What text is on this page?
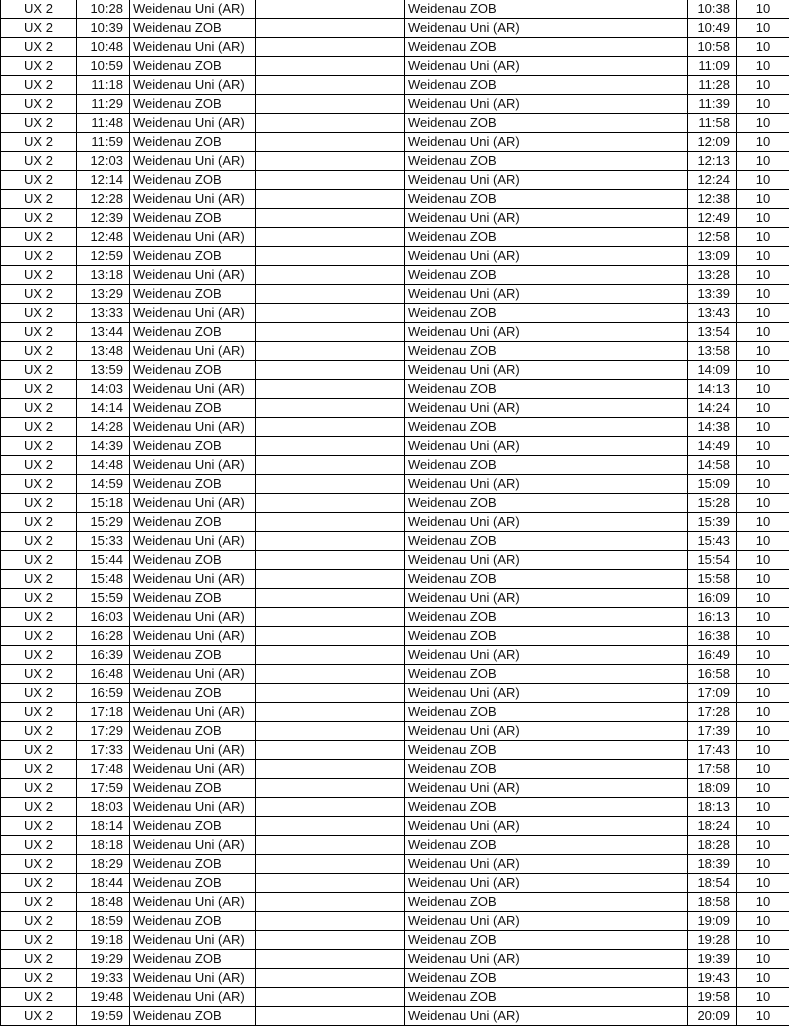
UX 2	10:28	Weidenau Uni (AR)		Weidenau ZOB	10:38	10
UX 2	10:39	Weidenau ZOB		Weidenau Uni (AR)	10:49	10
UX 2	10:48	Weidenau Uni (AR)		Weidenau ZOB	10:58	10
UX 2	10:59	Weidenau ZOB		Weidenau Uni (AR)	11:09	10
UX 2	11:18	Weidenau Uni (AR)		Weidenau ZOB	11:28	10
UX 2	11:29	Weidenau ZOB		Weidenau Uni (AR)	11:39	10
UX 2	11:48	Weidenau Uni (AR)		Weidenau ZOB	11:58	10
UX 2	11:59	Weidenau ZOB		Weidenau Uni (AR)	12:09	10
UX 2	12:03	Weidenau Uni (AR)		Weidenau ZOB	12:13	10
UX 2	12:14	Weidenau ZOB		Weidenau Uni (AR)	12:24	10
UX 2	12:28	Weidenau Uni (AR)		Weidenau ZOB	12:38	10
UX 2	12:39	Weidenau ZOB		Weidenau Uni (AR)	12:49	10
UX 2	12:48	Weidenau Uni (AR)		Weidenau ZOB	12:58	10
UX 2	12:59	Weidenau ZOB		Weidenau Uni (AR)	13:09	10
UX 2	13:18	Weidenau Uni (AR)		Weidenau ZOB	13:28	10
UX 2	13:29	Weidenau ZOB		Weidenau Uni (AR)	13:39	10
UX 2	13:33	Weidenau Uni (AR)		Weidenau ZOB	13:43	10
UX 2	13:44	Weidenau ZOB		Weidenau Uni (AR)	13:54	10
UX 2	13:48	Weidenau Uni (AR)		Weidenau ZOB	13:58	10
UX 2	13:59	Weidenau ZOB		Weidenau Uni (AR)	14:09	10
UX 2	14:03	Weidenau Uni (AR)		Weidenau ZOB	14:13	10
UX 2	14:14	Weidenau ZOB		Weidenau Uni (AR)	14:24	10
UX 2	14:28	Weidenau Uni (AR)		Weidenau ZOB	14:38	10
UX 2	14:39	Weidenau ZOB		Weidenau Uni (AR)	14:49	10
UX 2	14:48	Weidenau Uni (AR)		Weidenau ZOB	14:58	10
UX 2	14:59	Weidenau ZOB		Weidenau Uni (AR)	15:09	10
UX 2	15:18	Weidenau Uni (AR)		Weidenau ZOB	15:28	10
UX 2	15:29	Weidenau ZOB		Weidenau Uni (AR)	15:39	10
UX 2	15:33	Weidenau Uni (AR)		Weidenau ZOB	15:43	10
UX 2	15:44	Weidenau ZOB		Weidenau Uni (AR)	15:54	10
UX 2	15:48	Weidenau Uni (AR)		Weidenau ZOB	15:58	10
UX 2	15:59	Weidenau ZOB		Weidenau Uni (AR)	16:09	10
UX 2	16:03	Weidenau Uni (AR)		Weidenau ZOB	16:13	10
UX 2	16:28	Weidenau Uni (AR)		Weidenau ZOB	16:38	10
UX 2	16:39	Weidenau ZOB		Weidenau Uni (AR)	16:49	10
UX 2	16:48	Weidenau Uni (AR)		Weidenau ZOB	16:58	10
UX 2	16:59	Weidenau ZOB		Weidenau Uni (AR)	17:09	10
UX 2	17:18	Weidenau Uni (AR)		Weidenau ZOB	17:28	10
UX 2	17:29	Weidenau ZOB		Weidenau Uni (AR)	17:39	10
UX 2	17:33	Weidenau Uni (AR)		Weidenau ZOB	17:43	10
UX 2	17:48	Weidenau Uni (AR)		Weidenau ZOB	17:58	10
UX 2	17:59	Weidenau ZOB		Weidenau Uni (AR)	18:09	10
UX 2	18:03	Weidenau Uni (AR)		Weidenau ZOB	18:13	10
UX 2	18:14	Weidenau ZOB		Weidenau Uni (AR)	18:24	10
UX 2	18:18	Weidenau Uni (AR)		Weidenau ZOB	18:28	10
UX 2	18:29	Weidenau ZOB		Weidenau Uni (AR)	18:39	10
UX 2	18:44	Weidenau ZOB		Weidenau Uni (AR)	18:54	10
UX 2	18:48	Weidenau Uni (AR)		Weidenau ZOB	18:58	10
UX 2	18:59	Weidenau ZOB		Weidenau Uni (AR)	19:09	10
UX 2	19:18	Weidenau Uni (AR)		Weidenau ZOB	19:28	10
UX 2	19:29	Weidenau ZOB		Weidenau Uni (AR)	19:39	10
UX 2	19:33	Weidenau Uni (AR)		Weidenau ZOB	19:43	10
UX 2	19:48	Weidenau Uni (AR)		Weidenau ZOB	19:58	10
UX 2	19:59	Weidenau ZOB		Weidenau Uni (AR)	20:09	10
